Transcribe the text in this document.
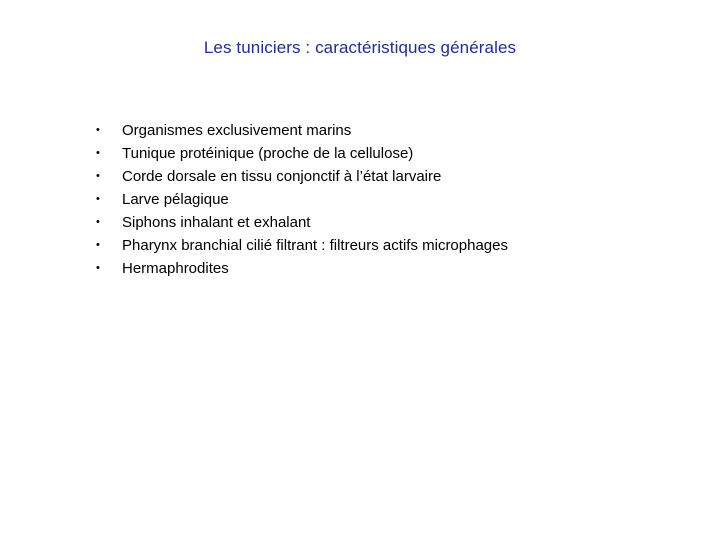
Les tuniciers : caractéristiques générales
•	Organismes exclusivement marins
•	Tunique protéinique (proche de la cellulose)
•	Corde dorsale en tissu conjonctif à l’état larvaire
•	Larve pélagique
•	Siphons inhalant et exhalant
•	Pharynx branchial cilié filtrant : filtreurs actifs microphages
•	Hermaphrodites
